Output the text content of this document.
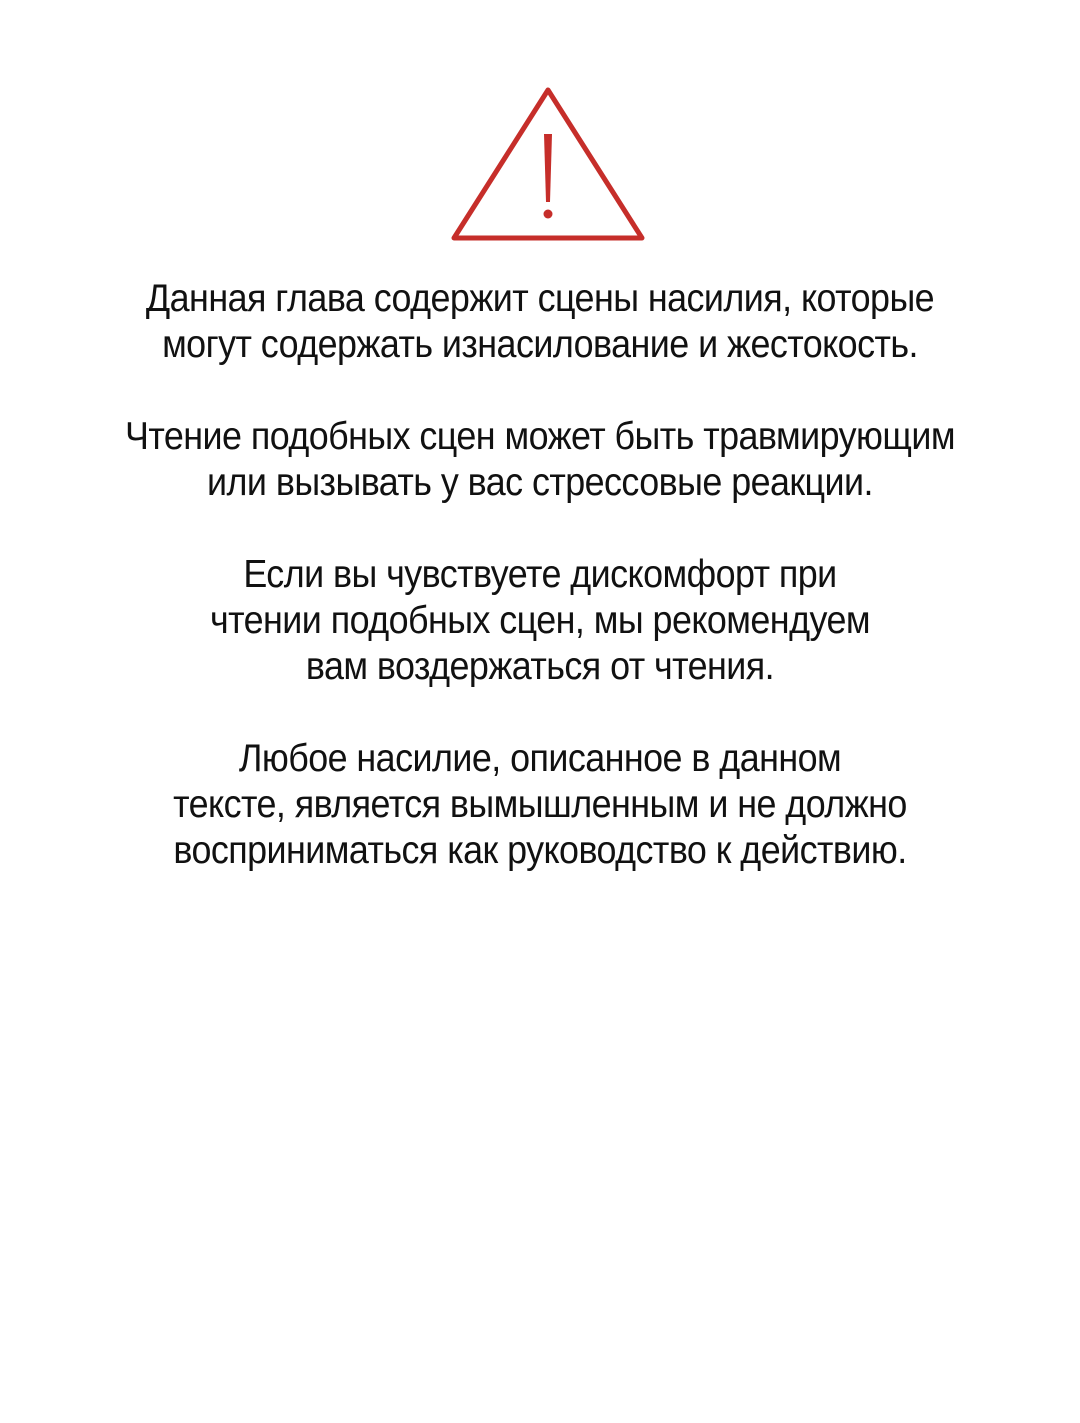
Данная глава содержит сцены насилия, которые
могут содержать изнасилование и жестокость.

Чтение подобных сцен может быть травмирующим
или вызывать у вас стрессовые реакции.

Если вы чувствуете дискомфорт при
чтении подобных сцен, мы рекомендуем
вам воздержаться от чтения.

Любое насилие, описанное в данном
тексте, является вымышленным и не должно
восприниматься как руководство к действию.
